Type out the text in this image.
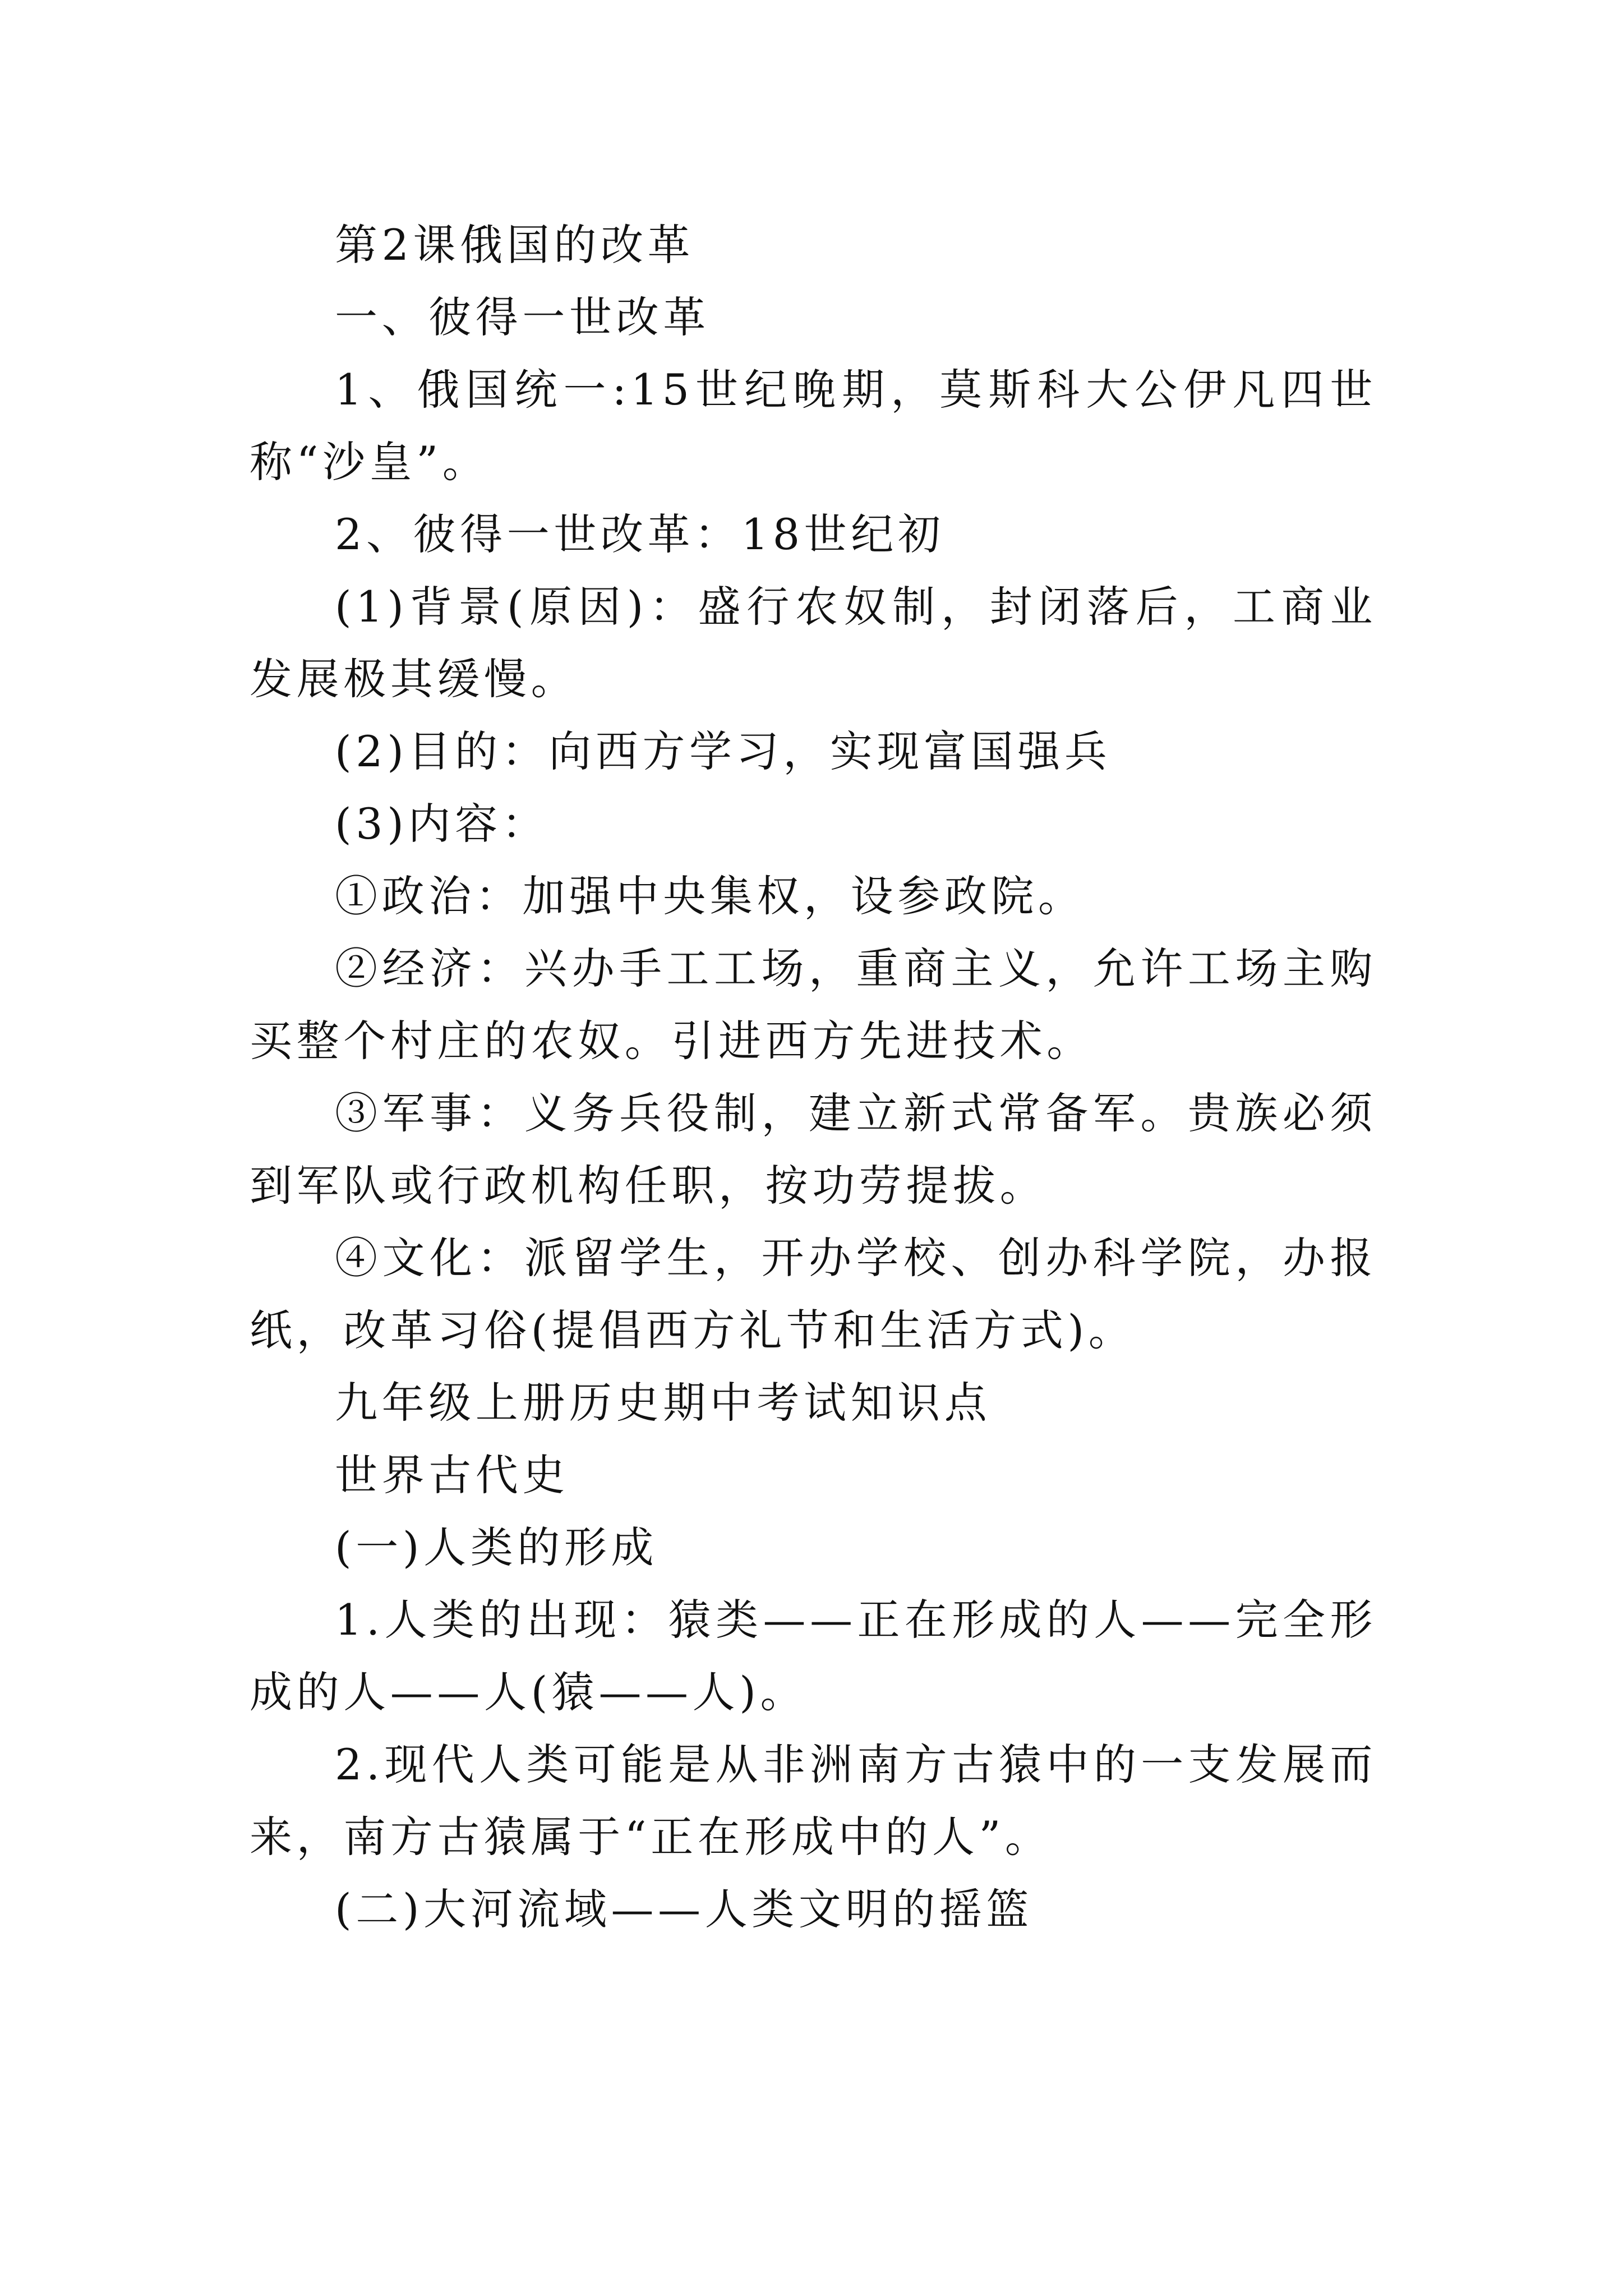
第2课俄国的改革

一、彼得一世改革

1、俄国统一:15世纪晚期，莫斯科大公伊凡四世称“沙皇”。

2、彼得一世改革：18世纪初

(1)背景(原因)：盛行农奴制，封闭落后，工商业发展极其缓慢。

(2)目的：向西方学习，实现富国强兵

(3)内容：

①政治：加强中央集权，设参政院。

②经济：兴办手工工场，重商主义，允许工场主购买整个村庄的农奴。引进西方先进技术。

③军事：义务兵役制，建立新式常备军。贵族必须到军队或行政机构任职，按功劳提拔。

④文化：派留学生，开办学校、创办科学院，办报纸，改革习俗(提倡西方礼节和生活方式)。

九年级上册历史期中考试知识点

世界古代史

(一)人类的形成

1.人类的出现：猿类——正在形成的人——完全形成的人——人(猿——人)。

2.现代人类可能是从非洲南方古猿中的一支发展而来，南方古猿属于“正在形成中的人”。

(二)大河流域——人类文明的摇篮
